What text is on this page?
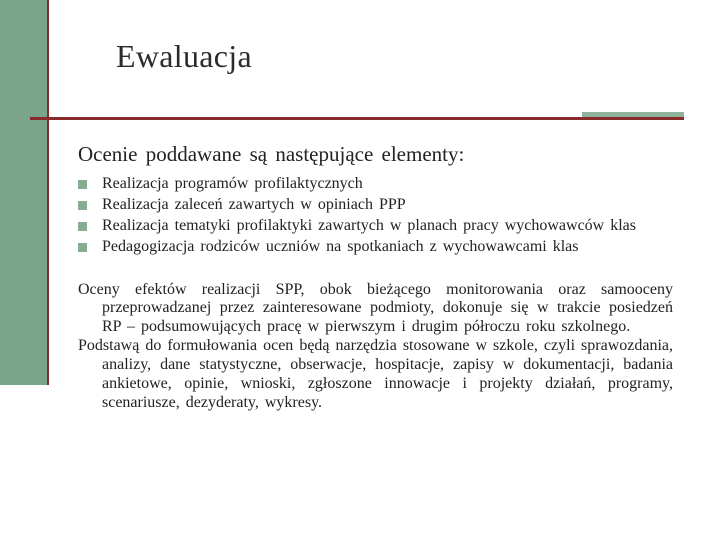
Ewaluacja

Ocenie poddawane są następujące elementy:

Realizacja programów profilaktycznych
Realizacja zaleceń zawartych w opiniach PPP
Realizacja tematyki profilaktyki zawartych w planach pracy wychowawców klas
Pedagogizacja rodziców uczniów na spotkaniach z wychowawcami klas

Oceny efektów realizacji SPP, obok bieżącego monitorowania oraz samooceny przeprowadzanej przez zainteresowane podmioty, dokonuje się w trakcie posiedzeń RP – podsumowujących pracę w pierwszym i drugim półroczu roku szkolnego.

Podstawą do formułowania ocen będą narzędzia stosowane w szkole, czyli sprawozdania, analizy, dane statystyczne, obserwacje, hospitacje, zapisy w dokumentacji, badania ankietowe, opinie, wnioski, zgłoszone innowacje i projekty działań, programy, scenariusze, dezyderaty, wykresy.
